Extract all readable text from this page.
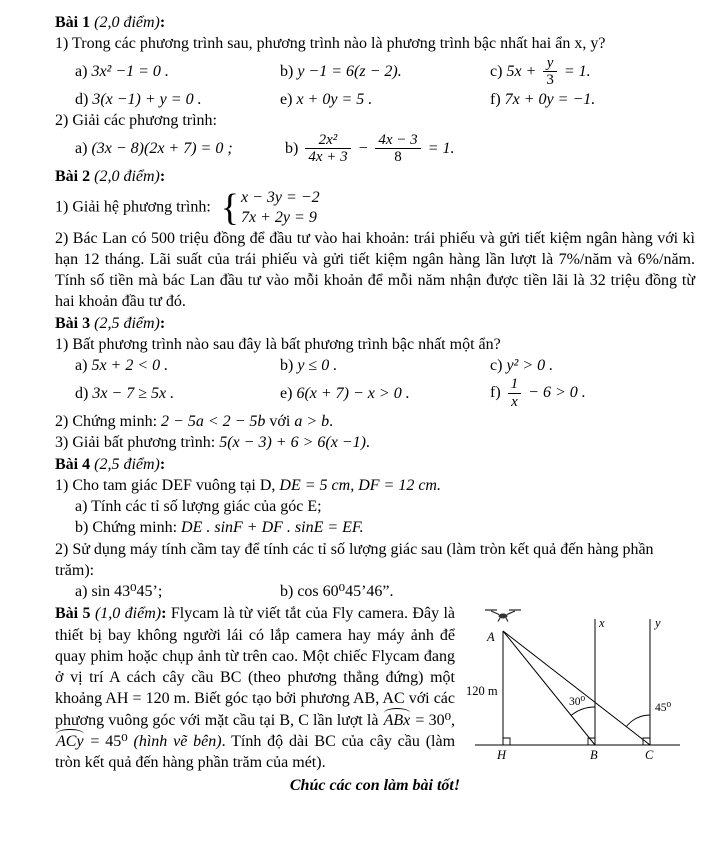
Bài 1 (2,0 điểm):
1) Trong các phương trình sau, phương trình nào là phương trình bậc nhất hai ẩn x, y?
a) 3x² −1 = 0 .	b) y −1 = 6(z − 2).	c) $5x + \frac{y}{3} = 1$.
d) 3(x −1) + y = 0 .	e) x + 0y = 5 .	f) 7x + 0y = −1.
2) Giải các phương trình:
a) (3x − 8)(2x + 7) = 0 ;	$b) \frac{\text{2x²}}{4x + 3} - \frac{4x - 3}{8} = 1$.
Bài 2 (2,0 điểm):
1) Giải hệ phương trình: { x − 3y = −2
7x + 2y = 9
2) Bác Lan có 500 triệu đồng để đầu tư vào hai khoản: trái phiếu và gửi tiết kiệm ngân hàng với kì hạn 12 tháng. Lãi suất của trái phiếu và gửi tiết kiệm ngân hàng lần lượt là 7%/năm và 6%/năm. Tính số tiền mà bác Lan đầu tư vào mỗi khoản để mỗi năm nhận được tiền lãi là 32 triệu đồng từ hai khoản đầu tư đó.
Bài 3 (2,5 điểm):
1) Bất phương trình nào sau đây là bất phương trình bậc nhất một ẩn?
a) 5x + 2 < 0 .	b) y ≤ 0 .	c) y² > 0 .
d) 3x − 7 ≥ 5x .	e) 6(x + 7) − x > 0 .	$f) \frac{1}{x} - 6 > 0$ .
2) Chứng minh: 2 − 5a < 2 − 5b với a > b.
3) Giải bất phương trình: 5(x − 3) + 6 > 6(x −1).
Bài 4 (2,5 điểm):
1) Cho tam giác DEF vuông tại D, DE = 5 cm, DF = 12 cm.
a) Tính các tỉ số lượng giác của góc E;
b) Chứng minh: DE . sinF + DF . sinE = EF.
2) Sử dụng máy tính cầm tay để tính các tỉ số lượng giác sau (làm tròn kết quả đến hàng phần trăm):
a) sin 43⁰45’;	b) cos 60⁰45’46”.
A
x	y
120 m
30⁰	45⁰
H	B	C
Bài 5 (1,0 điểm): Flycam là từ viết tắt của Fly camera. Đây là thiết bị bay không người lái có lắp camera hay máy ảnh để quay phim hoặc chụp ảnh từ trên cao. Một chiếc Flycam đang ở vị trí A cách cây cầu BC (theo phương thẳng đứng) một khoảng AH = 120 m. Biết góc tạo bởi phương AB, AC với các phương vuông góc với mặt cầu tại B, C lần lượt là ABx = 30⁰, ACy = 45⁰ (hình vẽ bên). Tính độ dài BC của cây cầu (làm tròn kết quả đến hàng phần trăm của mét).
Chúc các con làm bài tốt!
